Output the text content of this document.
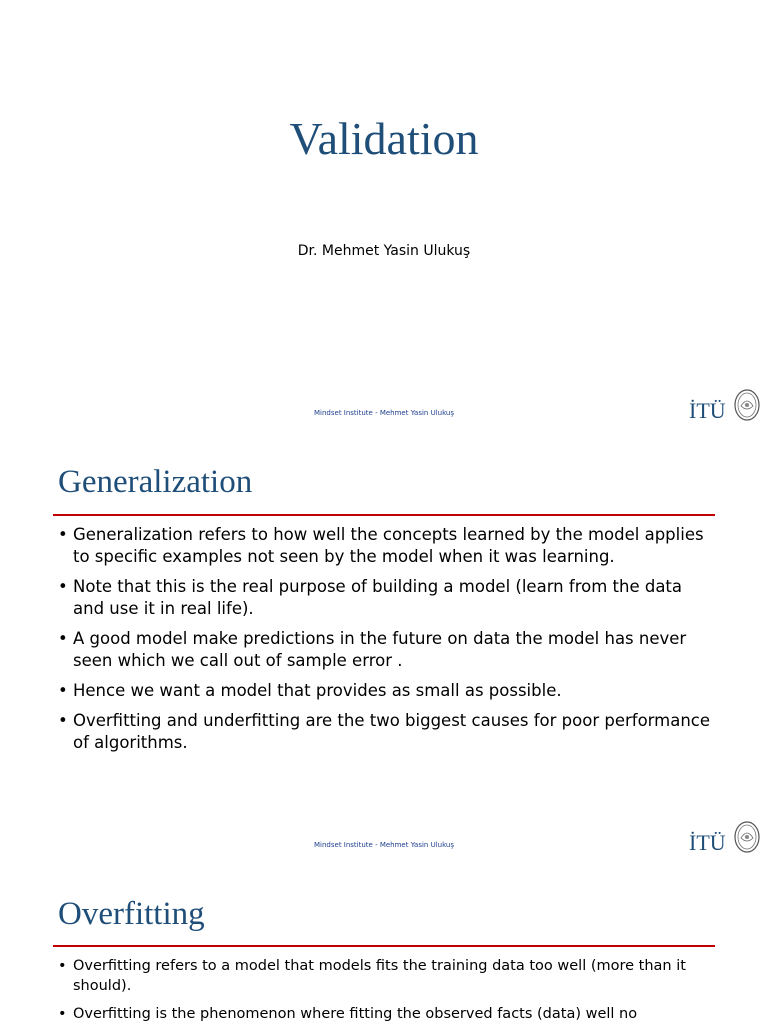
Validation
Dr. Mehmet Yasin Ulukuş
Mindset Institute - Mehmet Yasin Ulukuş	İTÜ
Generalization
• Generalization refers to how well the concepts learned by the model applies to specific examples not seen by the model when it was learning.
• Note that this is the real purpose of building a model (learn from the data and use it in real life).
• A good model make predictions in the future on data the model has never seen which we call out of sample error .
• Hence we want a model that provides as small as possible.
• Overfitting and underfitting are the two biggest causes for poor performance of algorithms.
Mindset Institute - Mehmet Yasin Ulukuş	İTÜ
Overfitting
• Overfitting refers to a model that models fits the training data too well (more than it should).
• Overfitting is the phenomenon where fitting the observed facts (data) well no
